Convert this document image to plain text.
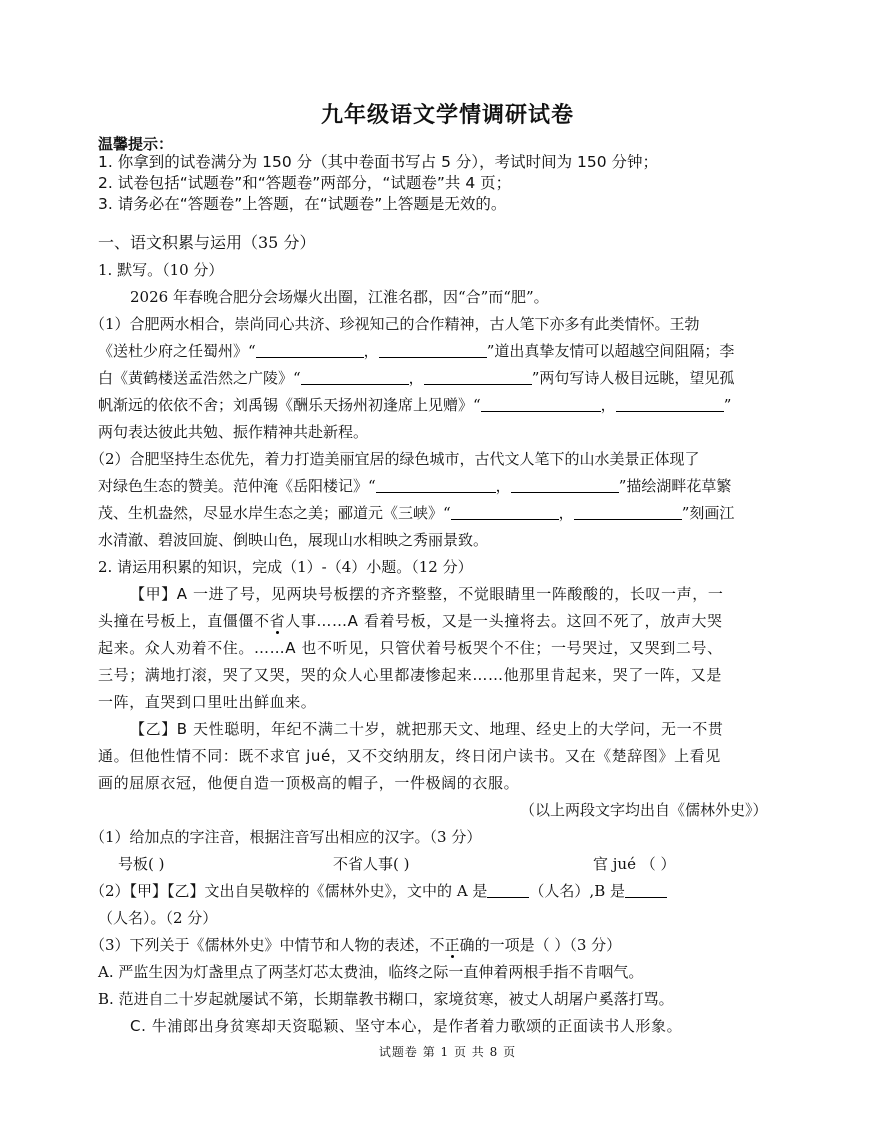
九年级语文学情调研试卷
温馨提示：
1. 你拿到的试卷满分为 150 分（其中卷面书写占 5 分），考试时间为 150 分钟；
2. 试卷包括“试题卷”和“答题卷”两部分，“试题卷”共 4 页；
3. 请务必在“答题卷”上答题，在“试题卷”上答题是无效的。
一、语文积累与运用（35 分）
1. 默写。（10 分）
2026 年春晚合肥分会场爆火出圈，江淮名郡，因“合”而“肥”。
（1）合肥两水相合，崇尚同心共济、珍视知己的合作精神，古人笔下亦多有此类情怀。王勃
《送杜少府之任蜀州》“	，	”道出真挚友情可以超越空间阻隔；李
白《黄鹤楼送孟浩然之广陵》“	，	”两句写诗人极目远眺，望见孤
帆渐远的依依不舍；刘禹锡《酬乐天扬州初逢席上见赠》“	，	”
两句表达彼此共勉、振作精神共赴新程。
（2）合肥坚持生态优先，着力打造美丽宜居的绿色城市，古代文人笔下的山水美景正体现了
对绿色生态的赞美。范仲淹《岳阳楼记》“	，	”描绘湖畔花草繁
茂、生机盎然，尽显水岸生态之美；郦道元《三峡》“	，	”刻画江
水清澈、碧波回旋、倒映山色，展现山水相映之秀丽景致。
2. 请运用积累的知识，完成（1）-（4）小题。（12 分）
【甲】A 一进了号，见两块号板摆的齐齐整整，不觉眼睛里一阵酸酸的，长叹一声，一
头撞在号板上，直僵僵不省人事……A 看着号板，又是一头撞将去。这回不死了，放声大哭
起来。众人劝着不住。……A 也不听见，只管伏着号板哭个不住；一号哭过，又哭到二号、
三号；满地打滚，哭了又哭，哭的众人心里都凄惨起来……他那里肯起来，哭了一阵，又是
一阵，直哭到口里吐出鲜血来。
【乙】B 天性聪明，年纪不满二十岁，就把那天文、地理、经史上的大学问，无一不贯
通。但他性情不同：既不求官 jué，又不交纳朋友，终日闭户读书。又在《楚辞图》上看见
画的屈原衣冠，他便自造一顶极高的帽子，一件极阔的衣服。
（以上两段文字均出自《儒林外史》）
（1）给加点的字注音，根据注音写出相应的汉字。（3 分）
号板( )	不省人事( )	官 jué （ ）
（2）【甲】【乙】文出自吴敬梓的《儒林外史》，文中的 A 是	（人名）,B 是
（人名）。（2 分）
（3）下列关于《儒林外史》中情节和人物的表述，不正确的一项是（ ）（3 分）
A. 严监生因为灯盏里点了两茎灯芯太费油，临终之际一直伸着两根手指不肯咽气。
B. 范进自二十岁起就屡试不第，长期靠教书糊口，家境贫寒，被丈人胡屠户奚落打骂。
C. 牛浦郎出身贫寒却天资聪颖、坚守本心，是作者着力歌颂的正面读书人形象。
试题卷 第 1 页 共 8 页
